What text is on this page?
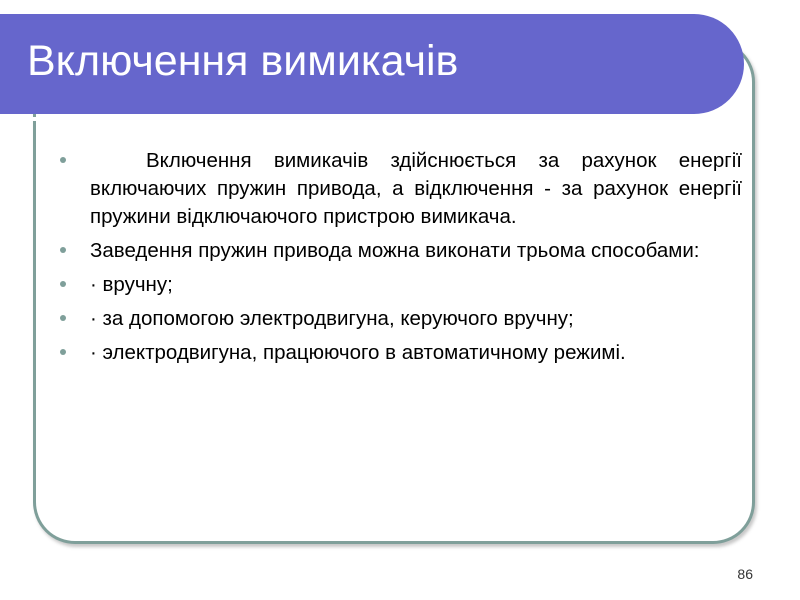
Включення вимикачів
Включення вимикачів здійснюється за рахунок енергії включаючих пружин привода, а відключення - за рахунок енергії пружини відключаючого пристрою вимикача.
Заведення пружин привода можна виконати трьома способами:
· вручну;
· за допомогою электродвигуна, керуючого вручну;
· электродвигуна, працюючого в автоматичному режимі.
86
